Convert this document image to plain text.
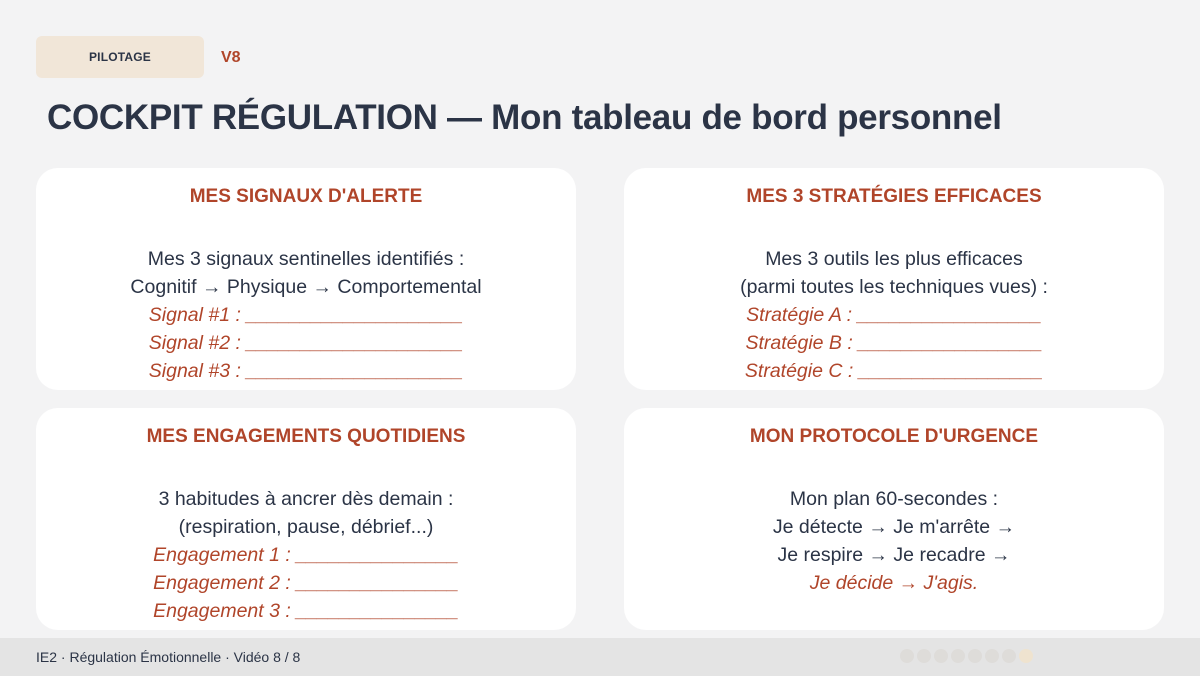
PILOTAGE	V8
COCKPIT RÉGULATION — Mon tableau de bord personnel
MES SIGNAUX D'ALERTE
Mes 3 signaux sentinelles identifiés :
Cognitif → Physique → Comportemental
Signal #1 : ____________________
Signal #2 : ____________________
Signal #3 : ____________________
MES 3 STRATÉGIES EFFICACES
Mes 3 outils les plus efficaces
(parmi toutes les techniques vues) :
Stratégie A : _________________
Stratégie B : _________________
Stratégie C : _________________
MES ENGAGEMENTS QUOTIDIENS
3 habitudes à ancrer dès demain :
(respiration, pause, débrief...)
Engagement 1 : _______________
Engagement 2 : _______________
Engagement 3 : _______________
MON PROTOCOLE D'URGENCE
Mon plan 60-secondes :
Je détecte → Je m'arrête →
Je respire → Je recadre →
Je décide → J'agis.
IE2 · Régulation Émotionnelle · Vidéo 8 / 8
